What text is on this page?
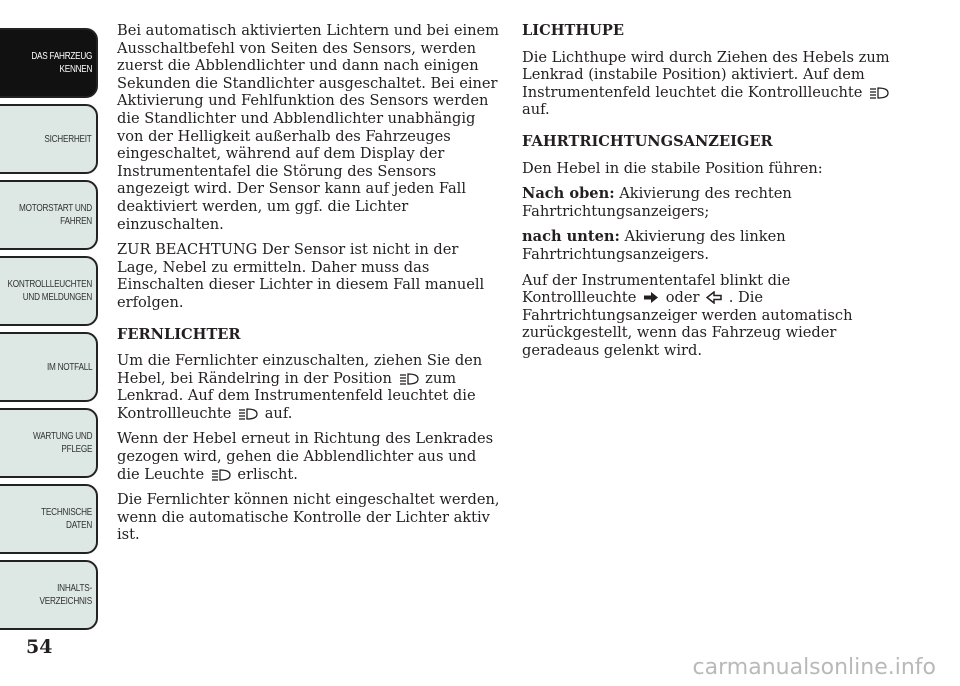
DAS FAHRZEUG
KENNEN
SICHERHEIT
MOTORSTART UND
FAHREN
KONTROLLLEUCHTEN
UND MELDUNGEN
IM NOTFALL
WARTUNG UND
PFLEGE
TECHNISCHE
DATEN
INHALTS-
VERZEICHNIS
54

Bei automatisch aktivierten Lichtern und bei einem Ausschaltbefehl von Seiten des Sensors, werden zuerst die Abblendlichter und dann nach einigen Sekunden die Standlichter ausgeschaltet. Bei einer Aktivierung und Fehlfunktion des Sensors werden die Standlichter und Abblendlichter unabhängig von der Helligkeit außerhalb des Fahrzeuges eingeschaltet, während auf dem Display der Instrumententafel die Störung des Sensors angezeigt wird. Der Sensor kann auf jeden Fall deaktiviert werden, um ggf. die Lichter einzuschalten.

ZUR BEACHTUNG Der Sensor ist nicht in der Lage, Nebel zu ermitteln. Daher muss das Einschalten dieser Lichter in diesem Fall manuell erfolgen.

FERNLICHTER

Um die Fernlichter einzuschalten, ziehen Sie den Hebel, bei Rändelring in der Position zum Lenkrad. Auf dem Instrumentenfeld leuchtet die Kontrollleuchte auf.

Wenn der Hebel erneut in Richtung des Lenkrades gezogen wird, gehen die Abblendlichter aus und die Leuchte erlischt.

Die Fernlichter können nicht eingeschaltet werden, wenn die automatische Kontrolle der Lichter aktiv ist.

LICHTHUPE

Die Lichthupe wird durch Ziehen des Hebels zum Lenkrad (instabile Position) aktiviert. Auf dem Instrumentenfeld leuchtet die Kontrollleuchte  auf.

FAHRTRICHTUNGSANZEIGER

Den Hebel in die stabile Position führen:

Nach oben: Akivierung des rechten Fahrtrichtungsanzeigers;

nach unten: Akivierung des linken Fahrtrichtungsanzeigers.

Auf der Instrumententafel blinkt die Kontrollleuchte oder . Die Fahrtrichtungsanzeiger werden automatisch zurückgestellt, wenn das Fahrzeug wieder geradeaus gelenkt wird.

carmanualsonline.info
